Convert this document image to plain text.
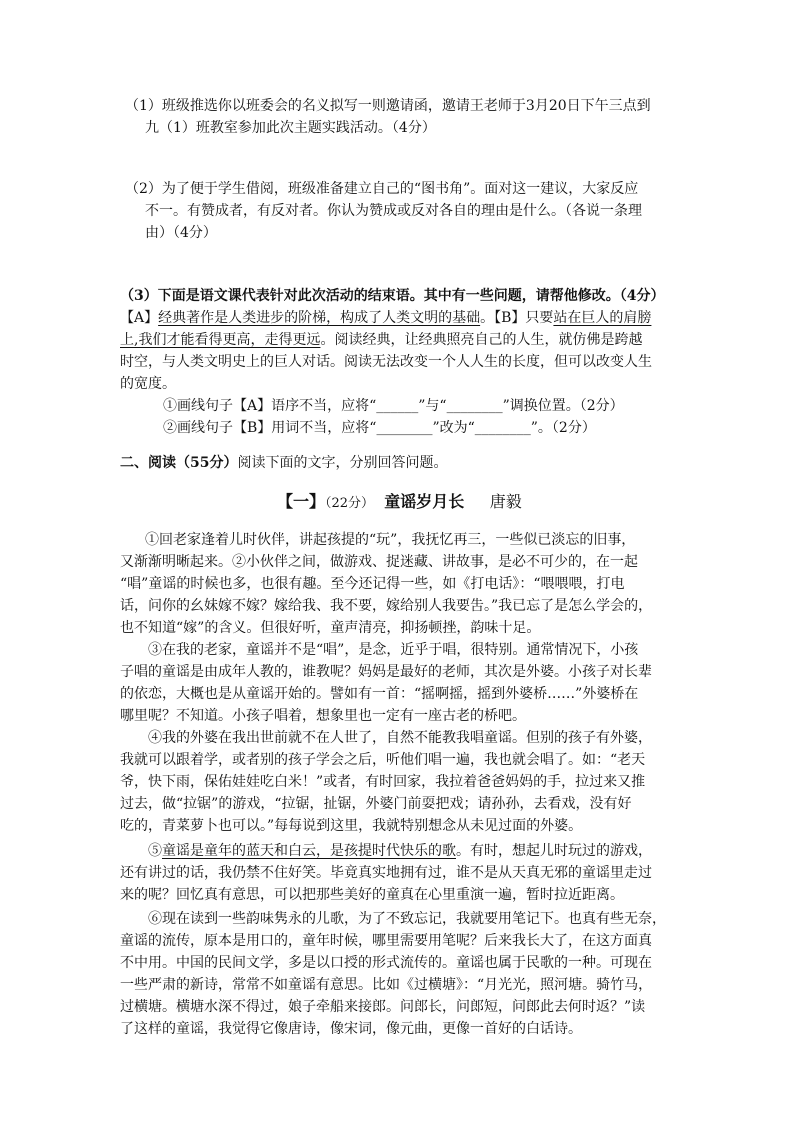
（1）班级推选你以班委会的名义拟写一则邀请函，邀请王老师于3月20日下午三点到
九（1）班教室参加此次主题实践活动。（4分）
（2）为了便于学生借阅，班级准备建立自己的“图书角”。面对这一建议，大家反应
不一。有赞成者，有反对者。你认为赞成或反对各自的理由是什么。（各说一条理
由）（4分）
（3）下面是语文课代表针对此次活动的结束语。其中有一些问题，请帮他修改。（4分）
【A】经典著作是人类进步的阶梯，构成了人类文明的基础。【B】只要站在巨人的肩膀
上,我们才能看得更高，走得更远。阅读经典，让经典照亮自己的人生，就仿佛是跨越
时空，与人类文明史上的巨人对话。阅读无法改变一个人人生的长度，但可以改变人生
的宽度。
①画线句子【A】语序不当，应将“______”与“________”调换位置。（2分）
②画线句子【B】用词不当，应将“________”改为“________”。（2分）
二、阅读（55分）阅读下面的文字，分别回答问题。
【一】（22分） 童谣岁月长 唐毅
①回老家逢着儿时伙伴，讲起孩提的“玩”，我抚忆再三，一些似已淡忘的旧事，
又渐渐明晰起来。②小伙伴之间，做游戏、捉迷藏、讲故事，是必不可少的，在一起
“唱”童谣的时候也多，也很有趣。至今还记得一些，如《打电话》：“喂喂喂，打电
话，问你的幺妹嫁不嫁？嫁给我、我不要，嫁给别人我要吿。”我已忘了是怎么学会的，
也不知道“嫁”的含义。但很好听，童声清亮，抑扬顿挫，韵味十足。
③在我的老家，童谣并不是“唱”，是念，近乎于唱，很特别。通常情况下，小孩
子唱的童谣是由成年人教的，谁教呢？妈妈是最好的老师，其次是外婆。小孩子对长辈
的依恋，大概也是从童谣开始的。譬如有一首：“摇啊摇，摇到外婆桥……”外婆桥在
哪里呢？不知道。小孩子唱着，想象里也一定有一座古老的桥吧。
④我的外婆在我出世前就不在人世了，自然不能教我唱童谣。但别的孩子有外婆，
我就可以跟着学，或者别的孩子学会之后，听他们唱一遍，我也就会唱了。如：“老天
爷，快下雨，保佑娃娃吃白米！”或者，有时回家，我拉着爸爸妈妈的手，拉过来又推
过去，做“拉锯”的游戏，“拉锯，扯锯，外婆门前耍把戏；请孙孙，去看戏，没有好
吃的，青菜萝卜也可以。”每每说到这里，我就特别想念从未见过面的外婆。
⑤童谣是童年的蓝天和白云，是孩提时代快乐的歌。有时，想起儿时玩过的游戏，
还有讲过的话，我仍禁不住好笑。毕竟真实地拥有过，谁不是从天真无邪的童谣里走过
来的呢？回忆真有意思，可以把那些美好的童真在心里重演一遍，暂时拉近距离。
⑥现在读到一些韵味隽永的儿歌，为了不致忘记，我就要用笔记下。也真有些无奈，
童谣的流传，原本是用口的，童年时候，哪里需要用笔呢？后来我长大了，在这方面真
不中用。中国的民间文学，多是以口授的形式流传的。童谣也属于民歌的一种。可现在
一些严肃的新诗，常常不如童谣有意思。比如《过横塘》：“月光光，照河塘。骑竹马，
过横塘。横塘水深不得过，娘子牵船来接郎。问郎长，问郎短，问郎此去何时返？”读
了这样的童谣，我觉得它像唐诗，像宋词，像元曲，更像一首好的白话诗。
